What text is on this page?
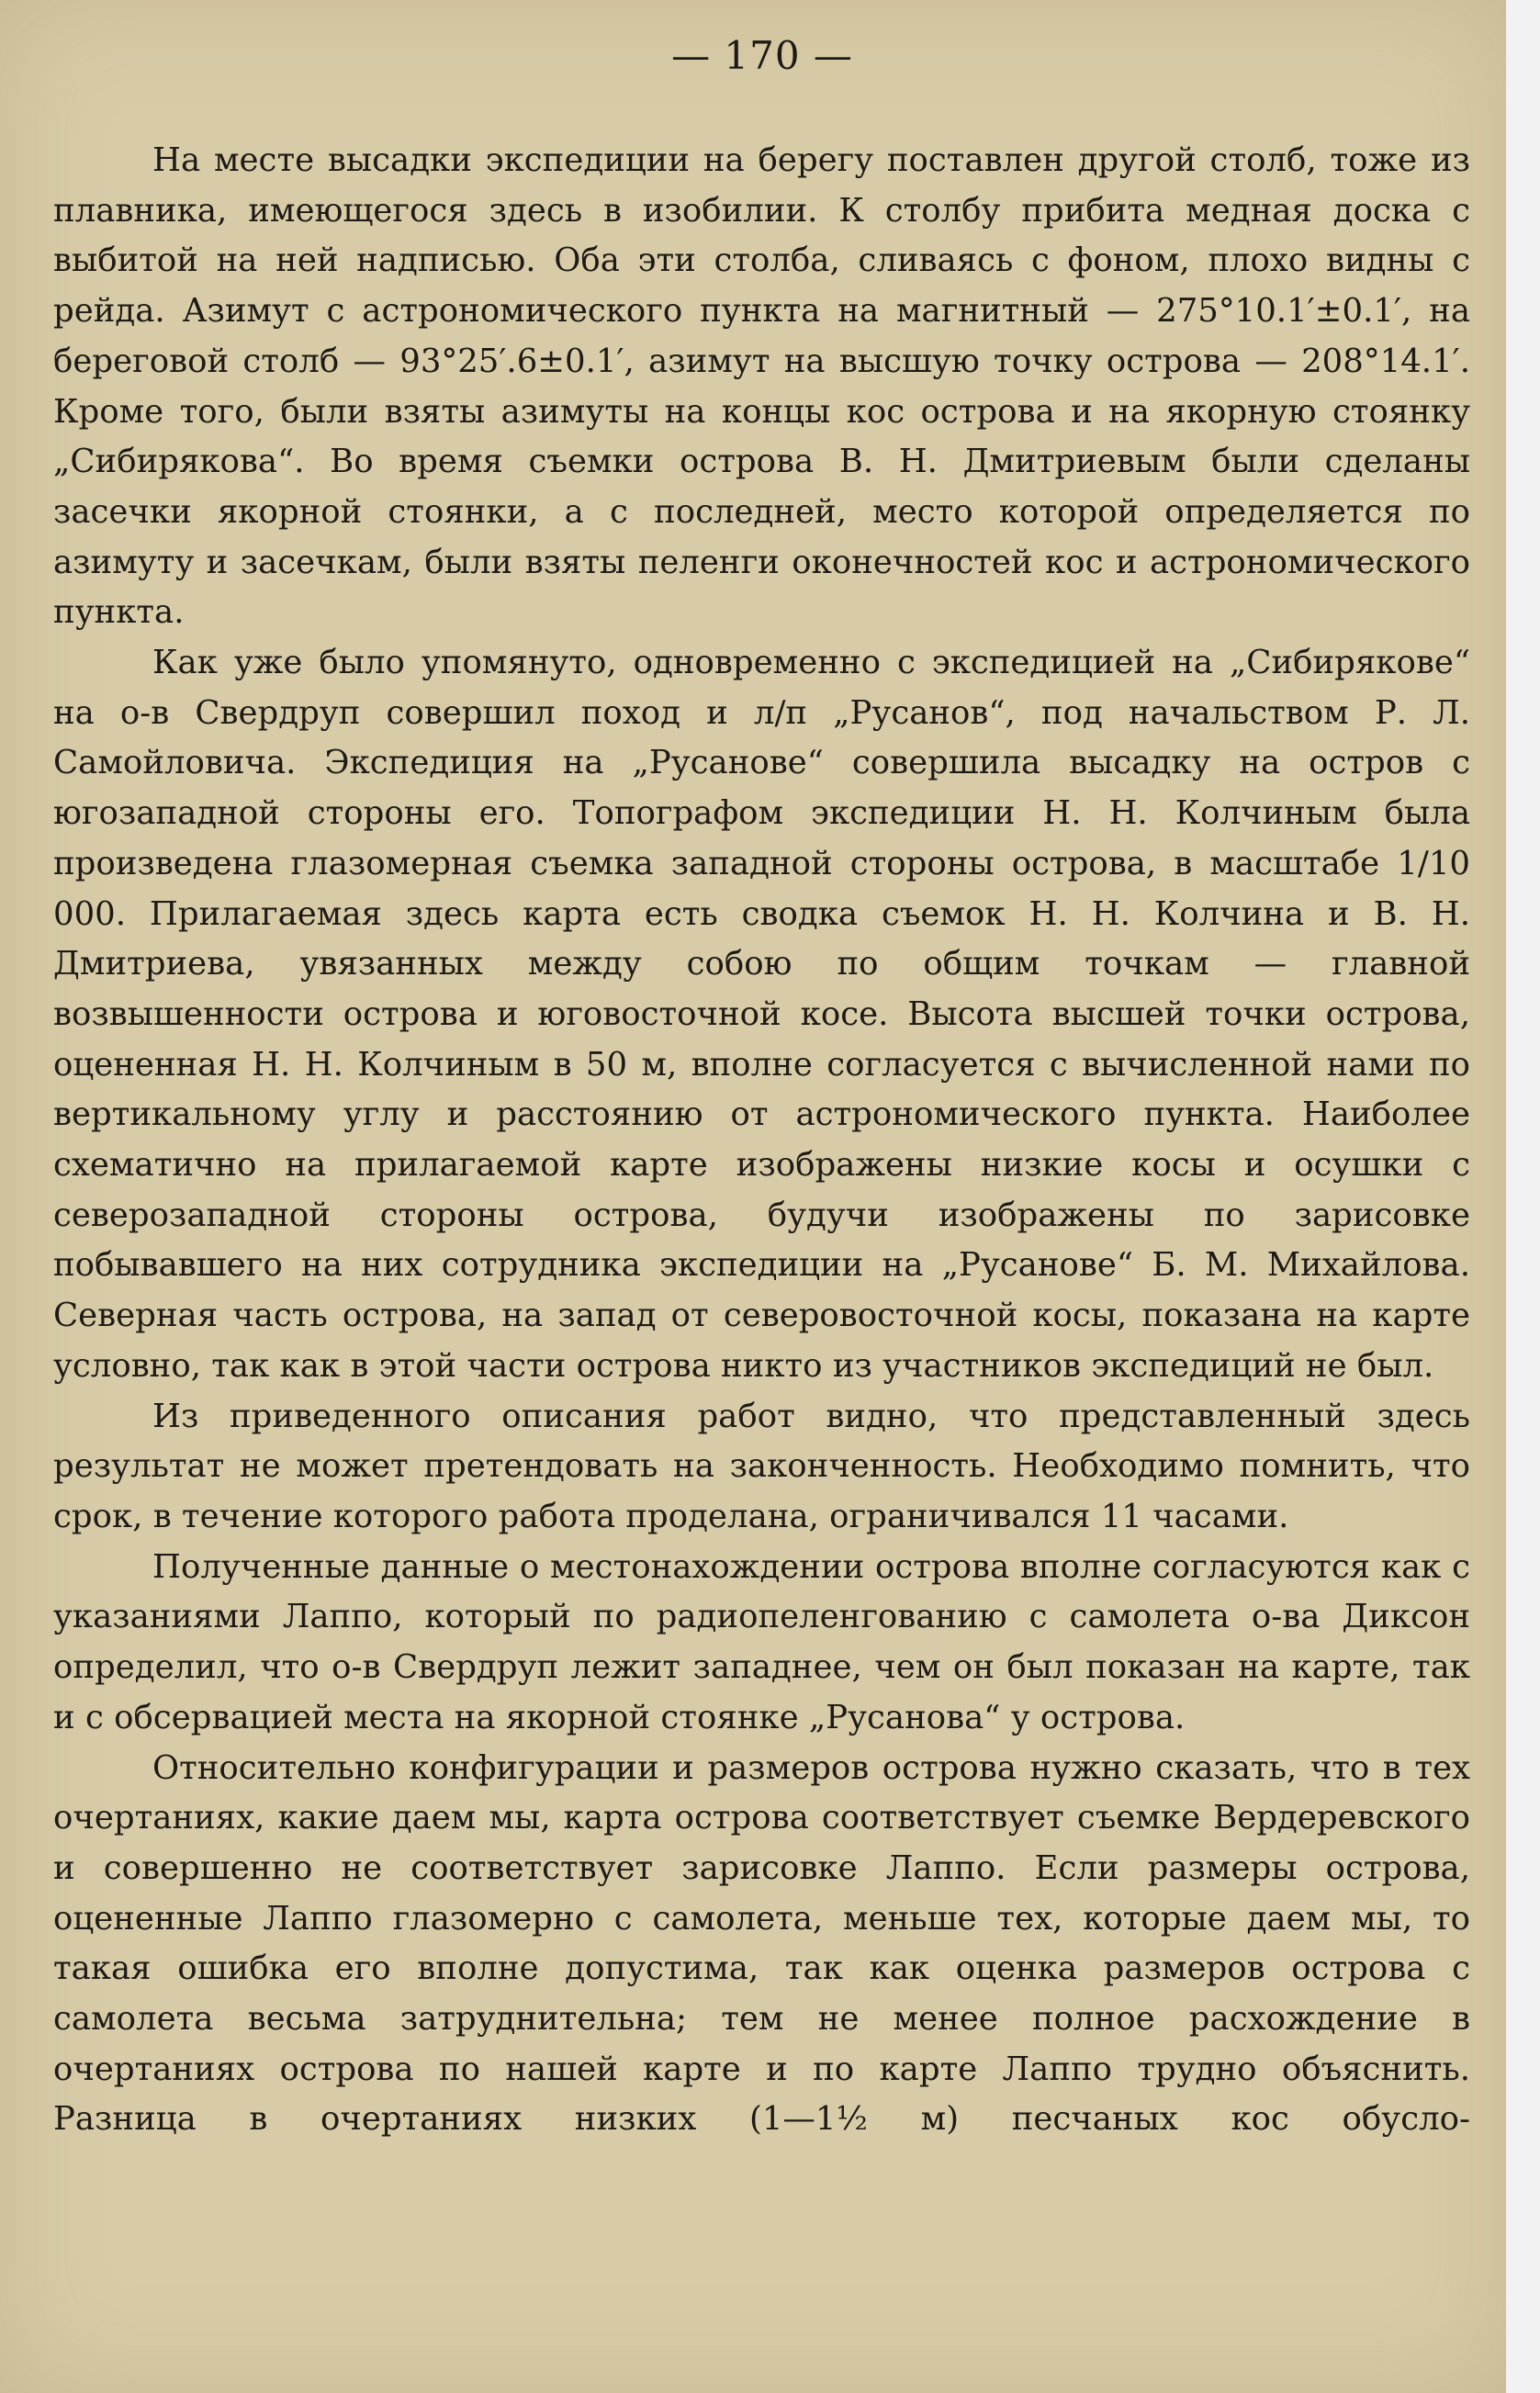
— 170 —

На месте высадки экспедиции на берегу поставлен другой столб, тоже из плавника, имеющегося здесь в изобилии. К столбу прибита медная доска с выбитой на ней надписью. Оба эти столба, сливаясь с фоном, плохо видны с рейда. Азимут с астрономического пункта на магнитный — 275°10.1′±0.1′, на береговой столб — 93°25′.6±0.1′, азимут на высшую точку острова — 208°14.1′. Кроме того, были взяты азимуты на концы кос острова и на якорную стоянку „Сибирякова“. Во время съемки острова В. Н. Дмитриевым были сделаны засечки якорной стоянки, а с последней, место которой определяется по азимуту и засечкам, были взяты пеленги оконечностей кос и астрономического пункта.

Как уже было упомянуто, одновременно с экспедицией на „Сибирякове“ на о-в Свердруп совершил поход и л/п „Русанов“, под начальством Р. Л. Самойловича. Экспедиция на „Русанове“ совершила высадку на остров с югозападной стороны его. Топографом экспедиции Н. Н. Колчиным была произведена глазомерная съемка западной стороны острова, в масштабе 1/10 000. Прилагаемая здесь карта есть сводка съемок Н. Н. Колчина и В. Н. Дмитриева, увязанных между собою по общим точкам — главной возвышенности острова и юговосточной косе. Высота высшей точки острова, оцененная Н. Н. Колчиным в 50 м, вполне согласуется с вычисленной нами по вертикальному углу и расстоянию от астрономического пункта. Наиболее схематично на прилагаемой карте изображены низкие косы и осушки с северозападной стороны острова, будучи изображены по зарисовке побывавшего на них сотрудника экспедиции на „Русанове“ Б. М. Михайлова. Северная часть острова, на запад от северовосточной косы, показана на карте условно, так как в этой части острова никто из участников экспедиций не был.

Из приведенного описания работ видно, что представленный здесь результат не может претендовать на законченность. Необходимо помнить, что срок, в течение которого работа проделана, ограничивался 11 часами.

Полученные данные о местонахождении острова вполне согласуются как с указаниями Лаппо, который по радиопеленгованию с самолета о-ва Диксон определил, что о-в Свердруп лежит западнее, чем он был показан на карте, так и с обсервацией места на якорной стоянке „Русанова“ у острова.

Относительно конфигурации и размеров острова нужно сказать, что в тех очертаниях, какие даем мы, карта острова соответствует съемке Вердеревского и совершенно не соответствует зарисовке Лаппо. Если размеры острова, оцененные Лаппо глазомерно с самолета, меньше тех, которые даем мы, то такая ошибка его вполне допустима, так как оценка размеров острова с самолета весьма затруднительна; тем не менее полное расхождение в очертаниях острова по нашей карте и по карте Лаппо трудно объяснить. Разница в очертаниях низких (1—1½ м) песчаных кос обусло-
